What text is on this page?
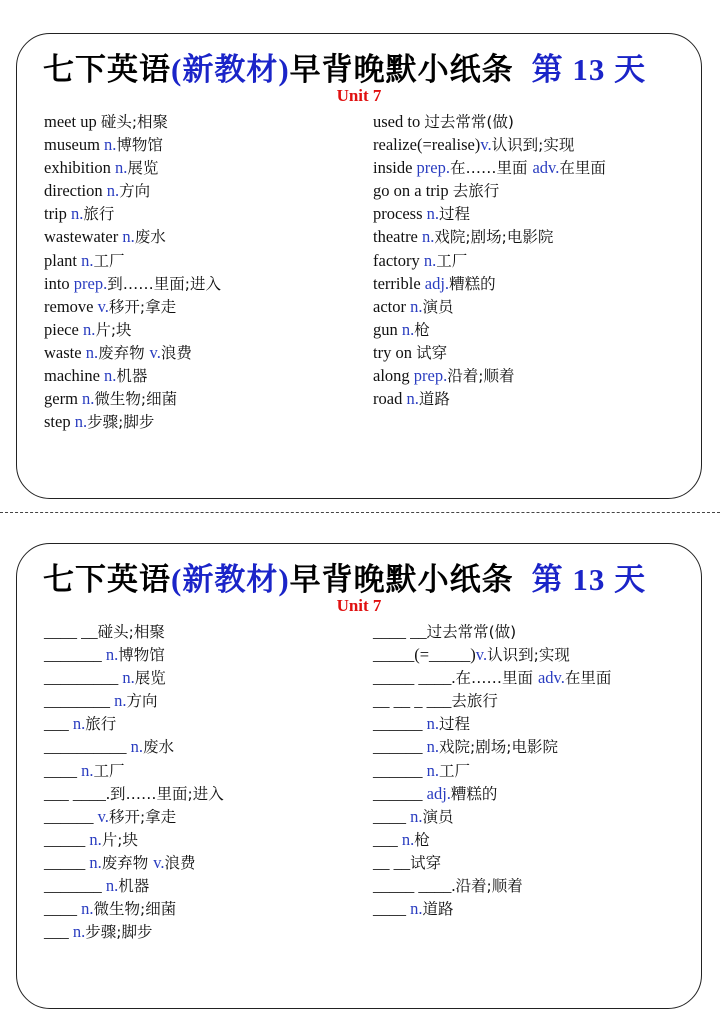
七下英语(新教材)早背晚默小纸条 第 13 天
Unit 7
meet up 碰头;相聚
museum n.博物馆
exhibition n.展览
direction n.方向
trip n.旅行
wastewater n.废水
plant n.工厂
into prep.到……里面;进入
remove v.移开;拿走
piece n.片;块
waste n.废弃物 v.浪费
machine n.机器
germ n.微生物;细菌
step n.步骤;脚步
used to 过去常常(做)
realize(=realise)v.认识到;实现
inside prep.在……里面 adv.在里面
go on a trip 去旅行
process n.过程
theatre n.戏院;剧场;电影院
factory n.工厂
terrible adj.糟糕的
actor n.演员
gun n.枪
try on 试穿
along prep.沿着;顺着
road n.道路
七下英语(新教材)早背晚默小纸条 第 13 天
Unit 7
____ __碰头;相聚
_______ n.博物馆
_________ n.展览
________ n.方向
___ n.旅行
__________ n.废水
____ n.工厂
___ ____.到……里面;进入
______ v.移开;拿走
_____ n.片;块
_____ n.废弃物 v.浪费
_______ n.机器
____ n.微生物;细菌
___ n.步骤;脚步
____ __过去常常(做)
_____(=_____)v.认识到;实现
_____ ____.在……里面 adv.在里面
__ __ _ ___去旅行
______ n.过程
______ n.戏院;剧场;电影院
______ n.工厂
______ adj.糟糕的
____ n.演员
___ n.枪
__ __试穿
_____ ____.沿着;顺着
____ n.道路
